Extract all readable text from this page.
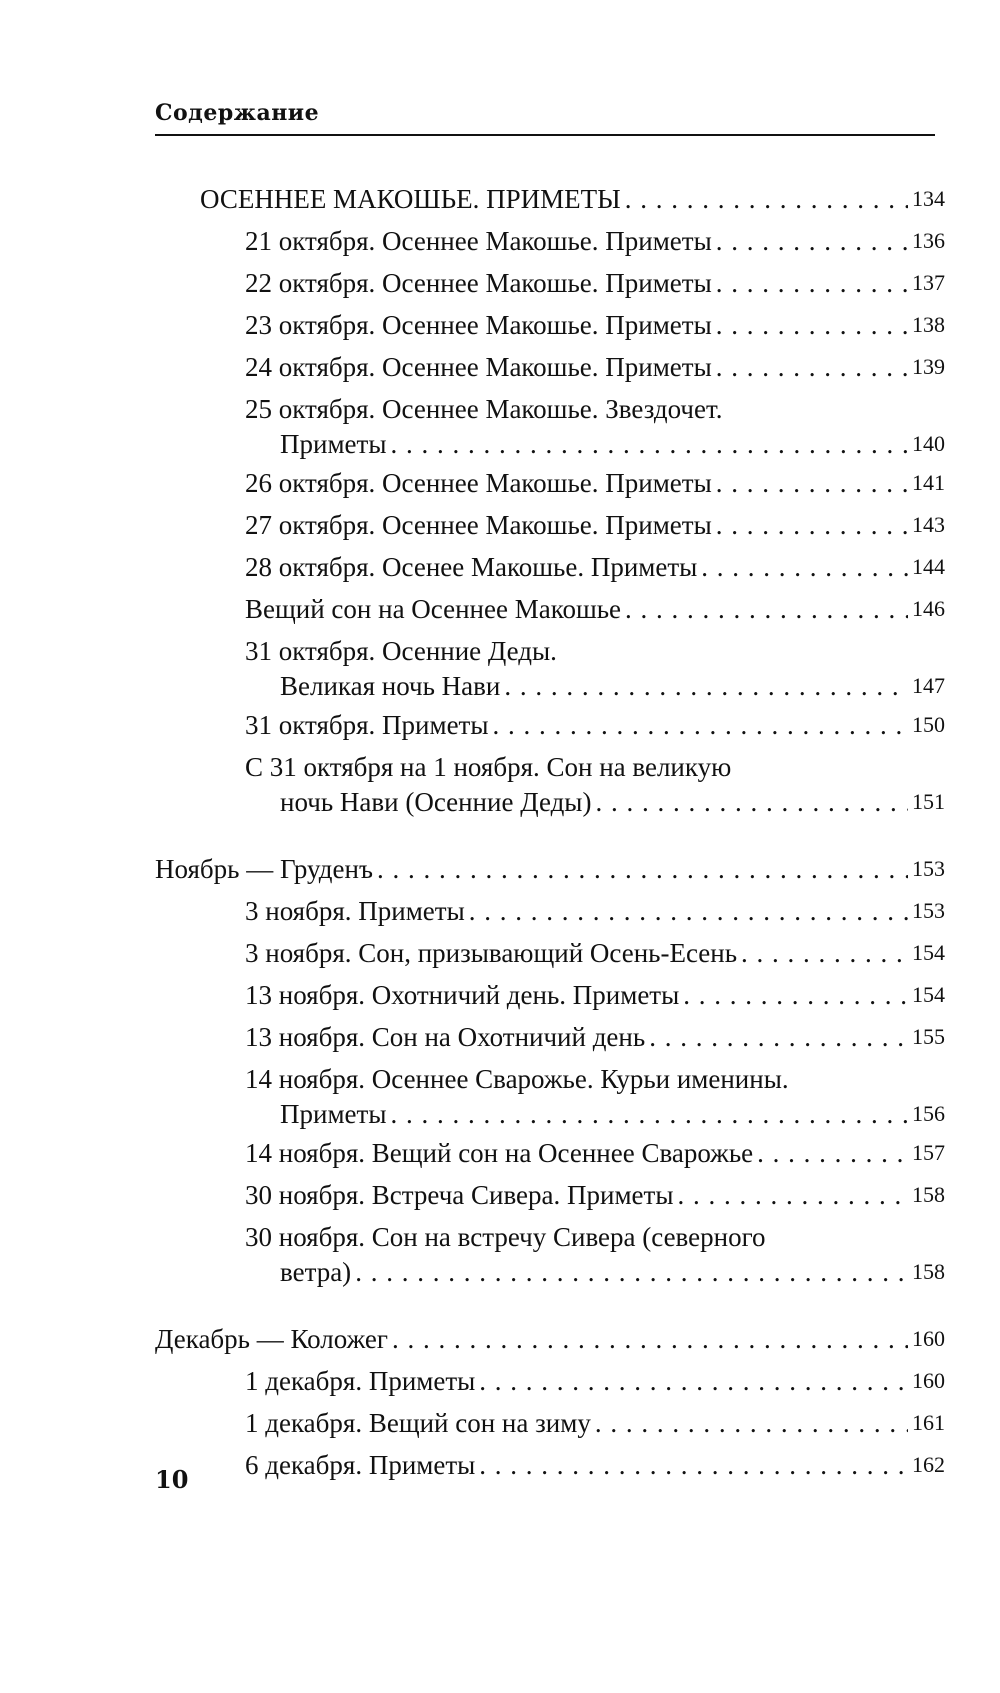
Содержание
ОСЕННЕЕ МАКОШЬЕ. ПРИМЕТЫ . . .	134
21 октября. Осеннее Макошье. Приметы . . .	136
22 октября. Осеннее Макошье. Приметы . . .	137
23 октября. Осеннее Макошье. Приметы . . .	138
24 октября. Осеннее Макошье. Приметы . . .	139
25 октября. Осеннее Макошье. Звездочет.
Приметы . . .	140
26 октября. Осеннее Макошье. Приметы . . .	141
27 октября. Осеннее Макошье. Приметы . . .	143
28 октября. Осенее Макошье. Приметы . . .	144
Вещий сон на Осеннее Макошье . . .	146
31 октября. Осенние Деды.
Великая ночь Нави . . .	147
31 октября. Приметы . . .	150
С 31 октября на 1 ноября. Сон на великую
ночь Нави (Осенние Деды) . . .	151
Ноябрь — Груденъ . . .	153
3 ноября. Приметы . . .	153
3 ноября. Сон, призывающий Осень-Есень . . .	154
13 ноября. Охотничий день. Приметы . . .	154
13 ноября. Сон на Охотничий день . . .	155
14 ноября. Осеннее Сварожье. Курьи именины.
Приметы . . .	156
14 ноября. Вещий сон на Осеннее Сварожье . . .	157
30 ноября. Встреча Сивера. Приметы . . .	158
30 ноября. Сон на встречу Сивера (северного
ветра) . . .	158
Декабрь — Коложег . . .	160
1 декабря. Приметы . . .	160
1 декабря. Вещий сон на зиму . . .	161
6 декабря. Приметы . . .	162
10
